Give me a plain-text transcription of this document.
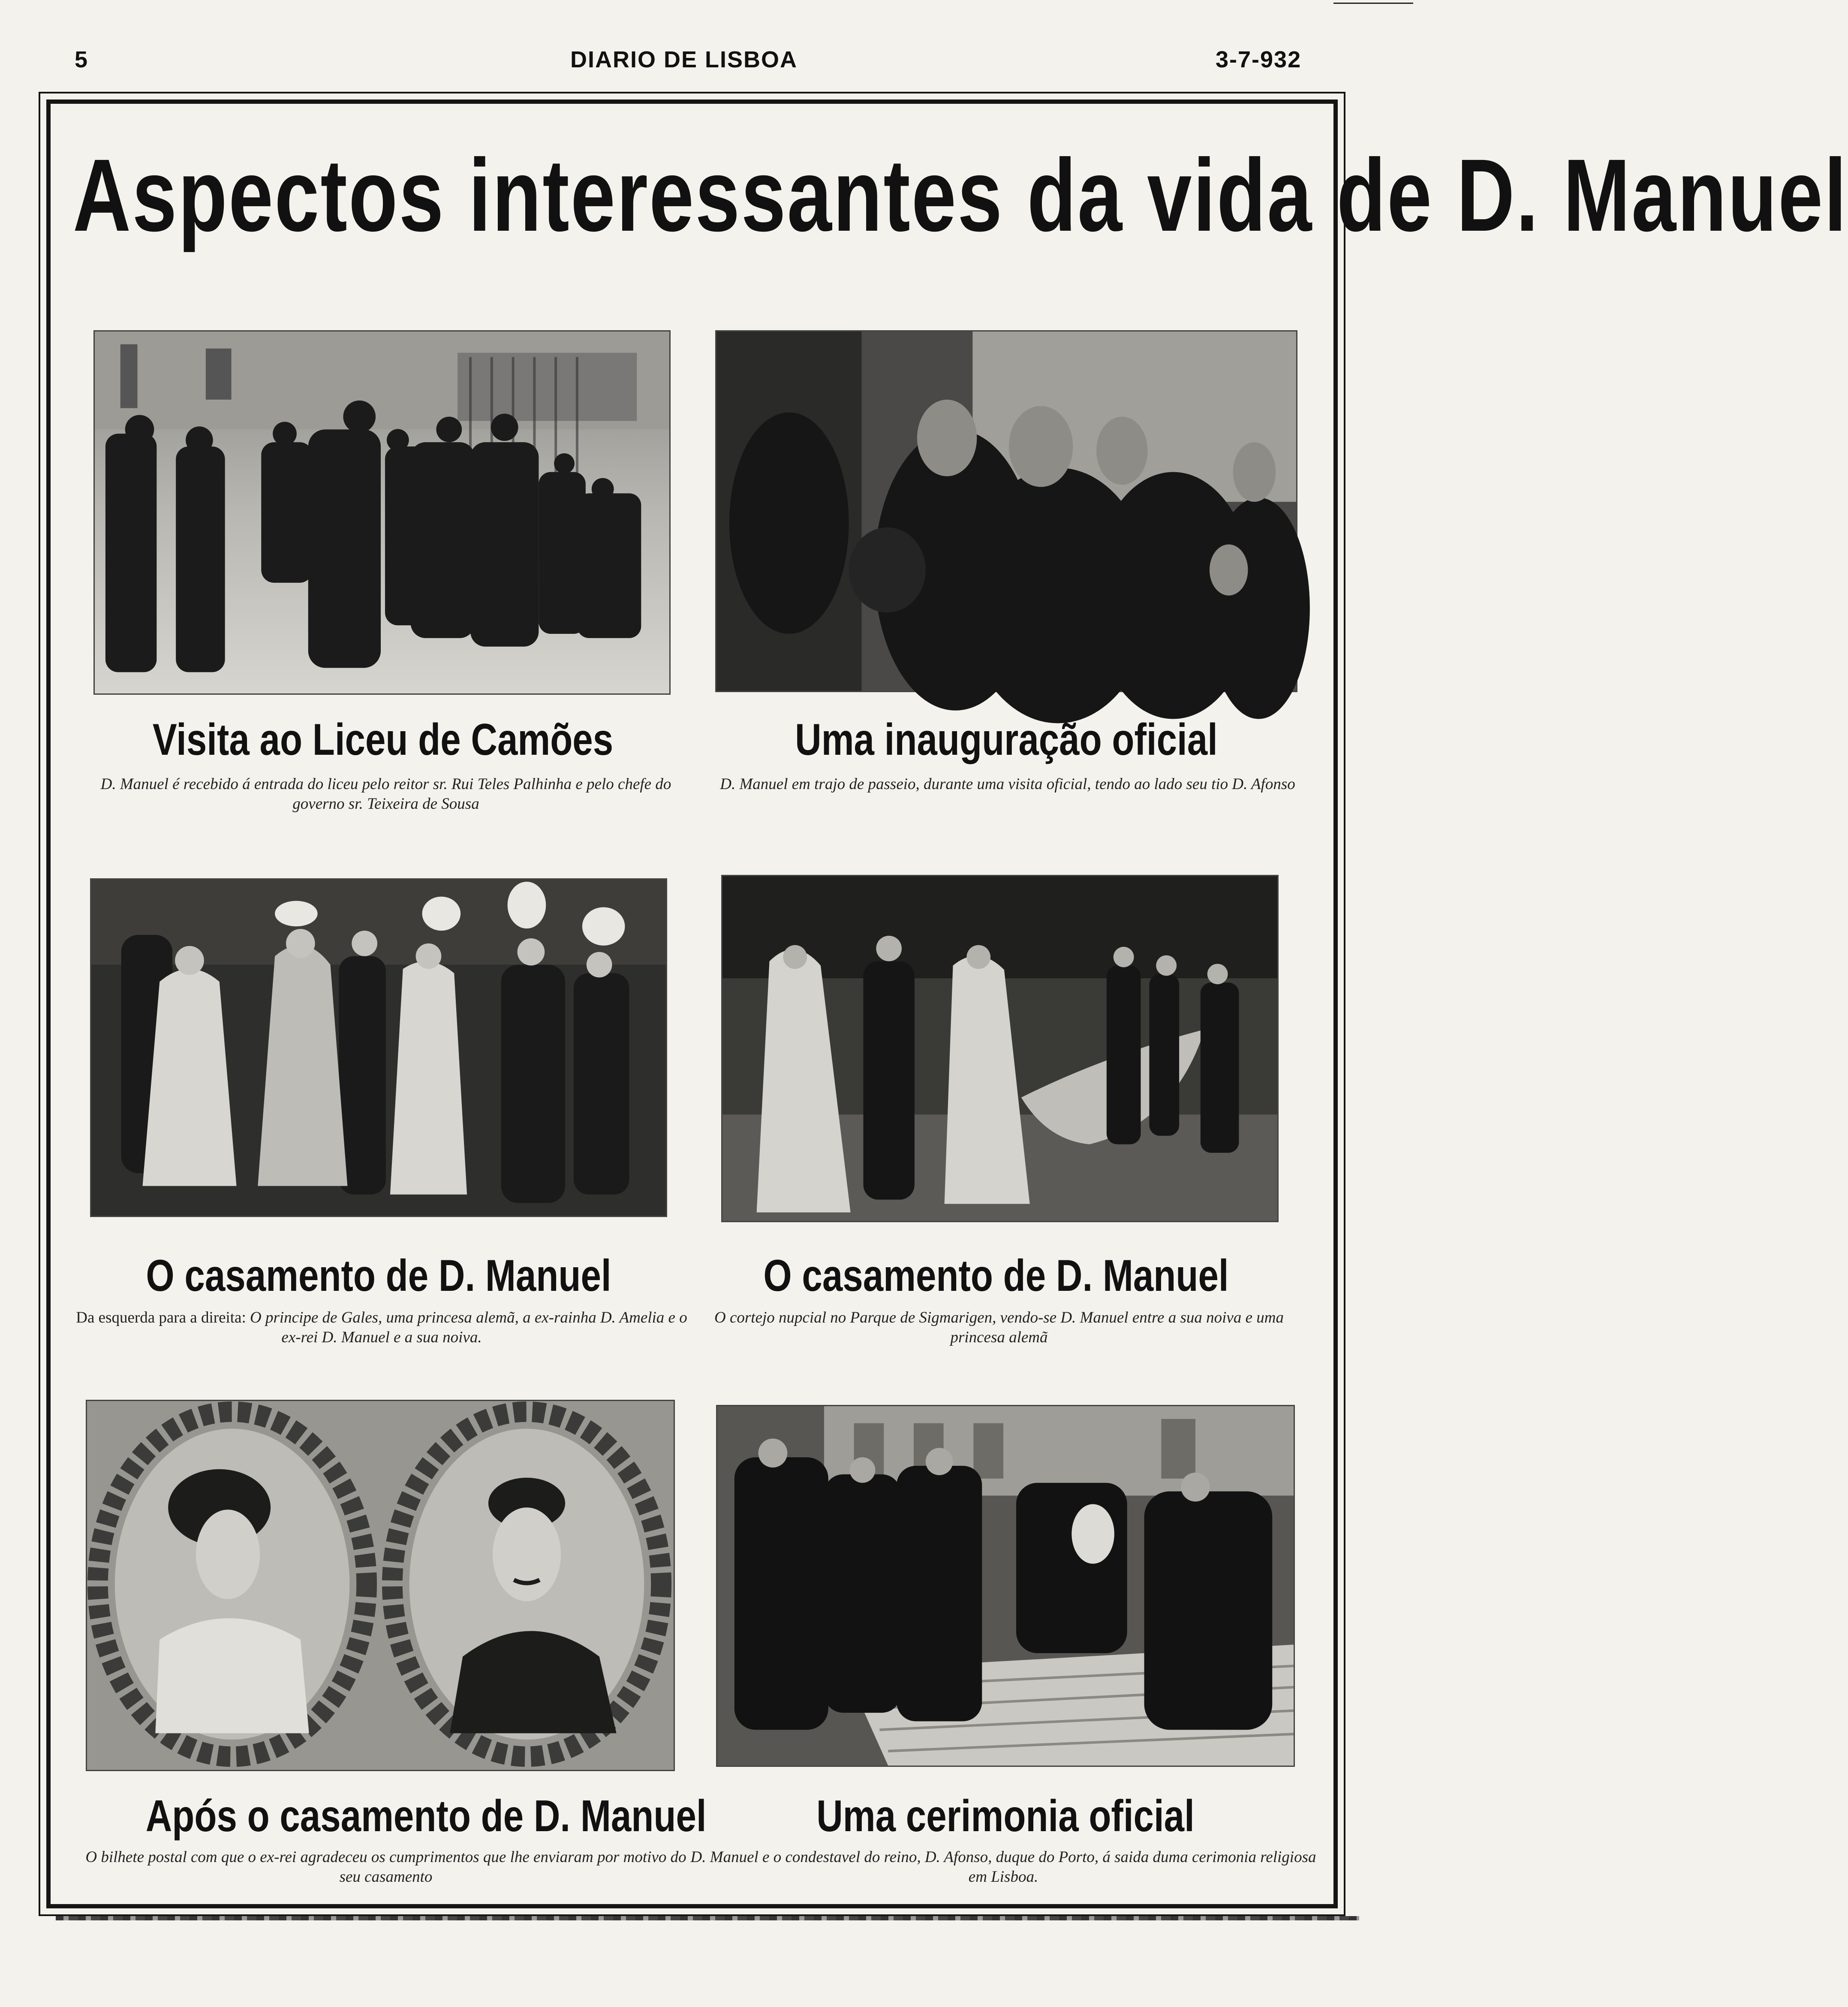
5	DIARIO DE LISBOA	3-7-932
Aspectos interessantes da vida de D. Manuel
Visita ao Liceu de Camões
D. Manuel é recebido á entrada do liceu pelo reitor sr. Rui Teles Palhinha e pelo chefe do governo sr. Teixeira de Sousa
Uma inauguração oficial
D. Manuel em trajo de passeio, durante uma visita oficial, tendo ao lado seu tio D. Afonso
O casamento de D. Manuel
Da esquerda para a direita: O principe de Gales, uma princesa alemã, a ex-rainha D. Amelia e o ex-rei D. Manuel e a sua noiva.
O casamento de D. Manuel
O cortejo nupcial no Parque de Sigmarigen, vendo-se D. Manuel entre a sua noiva e uma princesa alemã
Após o casamento de D. Manuel
O bilhete postal com que o ex-rei agradeceu os cumprimentos que lhe enviaram por motivo do seu casamento
Uma cerimonia oficial
D. Manuel e o condestavel do reino, D. Afonso, duque do Porto, á saida duma cerimonia religiosa em Lisboa.
